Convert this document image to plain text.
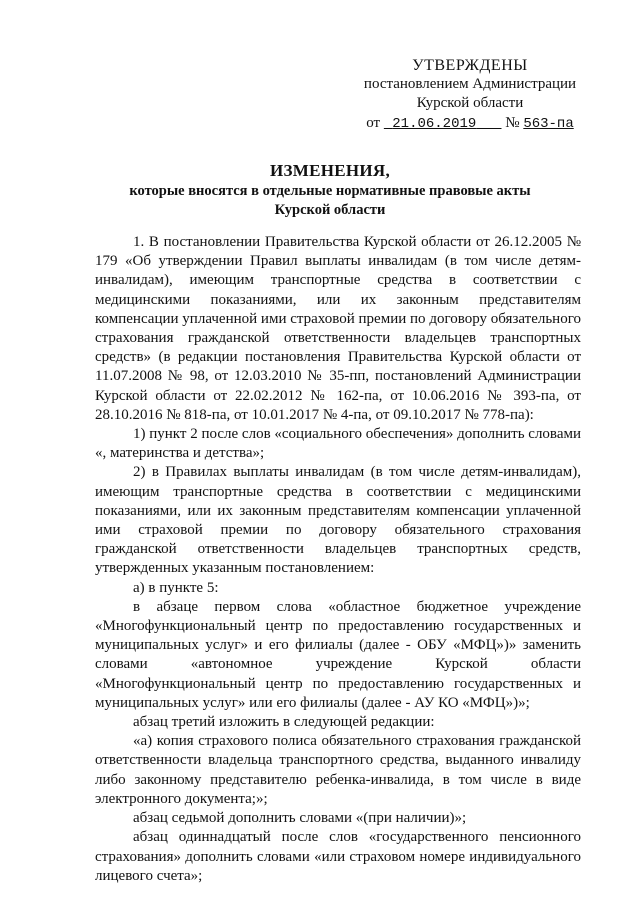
УТВЕРЖДЕНЫ
постановлением Администрации
Курской области
от 21.06.2019 № 563-па
ИЗМЕНЕНИЯ,
которые вносятся в отдельные нормативные правовые акты
Курской области

1. В постановлении Правительства Курской области от 26.12.2005 № 179 «Об утверждении Правил выплаты инвалидам (в том числе детям-инвалидам), имеющим транспортные средства в соответствии с медицинскими показаниями, или их законным представителям компенсации уплаченной ими страховой премии по договору обязательного страхования гражданской ответственности владельцев транспортных средств» (в редакции постановления Правительства Курской области от 11.07.2008 № 98, от 12.03.2010 № 35-пп, постановлений Администрации Курской области от 22.02.2012 № 162-па, от 10.06.2016 № 393-па, от 28.10.2016 № 818-па, от 10.01.2017 № 4-па, от 09.10.2017 № 778-па):

1) пункт 2 после слов «социального обеспечения» дополнить словами «, материнства и детства»;

2) в Правилах выплаты инвалидам (в том числе детям-инвалидам), имеющим транспортные средства в соответствии с медицинскими показаниями, или их законным представителям компенсации уплаченной ими страховой премии по договору обязательного страхования гражданской ответственности владельцев транспортных средств, утвержденных указанным постановлением:

а) в пункте 5:

в абзаце первом слова «областное бюджетное учреждение «Многофункциональный центр по предоставлению государственных и муниципальных услуг» и его филиалы (далее - ОБУ «МФЦ»)» заменить словами «автономное учреждение Курской области «Многофункциональный центр по предоставлению государственных и муниципальных услуг» или его филиалы (далее - АУ КО «МФЦ»)»;

абзац третий изложить в следующей редакции:

«а) копия страхового полиса обязательного страхования гражданской ответственности владельца транспортного средства, выданного инвалиду либо законному представителю ребенка-инвалида, в том числе в виде электронного документа;»;

абзац седьмой дополнить словами «(при наличии)»;

абзац одиннадцатый после слов «государственного пенсионного страхования» дополнить словами «или страховом номере индивидуального лицевого счета»;
